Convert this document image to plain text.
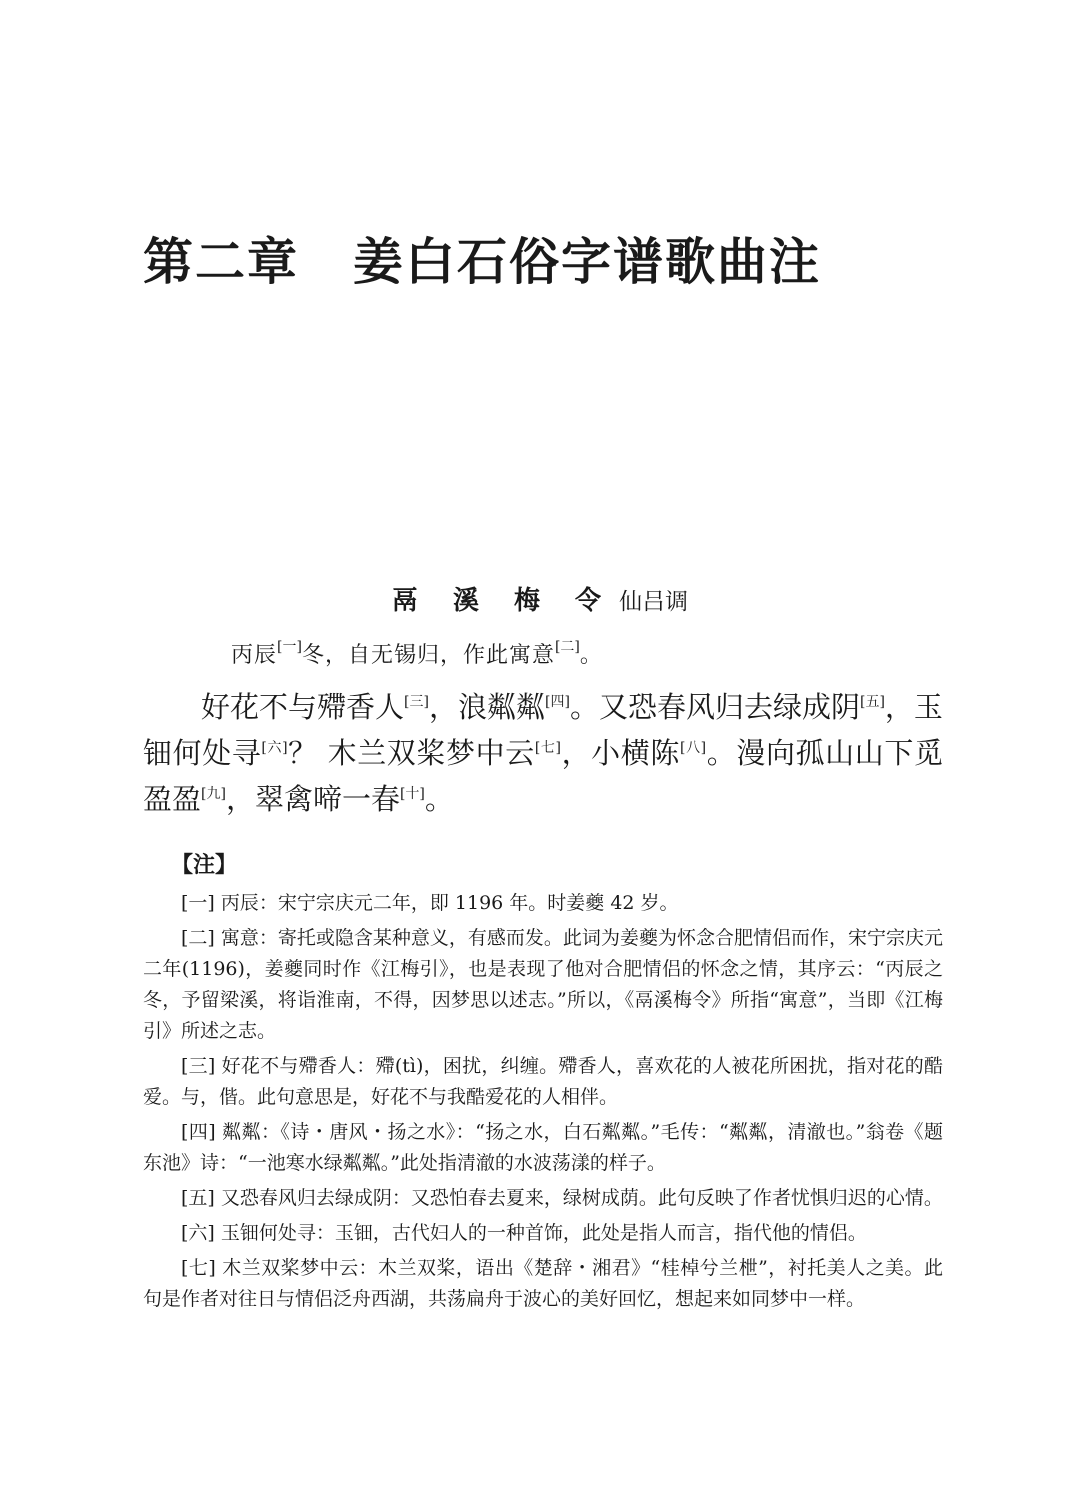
第二章 姜白石俗字谱歌曲注
鬲 溪 梅 令 仙吕调
丙辰[一]冬，自无锡归，作此寓意[二]。
好花不与殢香人[三]，浪粼粼[四]。又恐春风归去绿成阴[五]，玉钿何处寻[六]？ 木兰双桨梦中云[七]，小横陈[八]。漫向孤山山下觅盈盈[九]，翠禽啼一春[十]。
【注】

[一] 丙辰：宋宁宗庆元二年，即 1196 年。时姜夔 42 岁。

[二] 寓意：寄托或隐含某种意义，有感而发。此词为姜夔为怀念合肥情侣而作，宋宁宗庆元二年(1196)，姜夔同时作《江梅引》，也是表现了他对合肥情侣的怀念之情，其序云：“丙辰之冬，予留梁溪，将诣淮南，不得，因梦思以述志。”所以，《鬲溪梅令》所指“寓意”，当即《江梅引》所述之志。

[三] 好花不与殢香人：殢(tì)，困扰，纠缠。殢香人，喜欢花的人被花所困扰，指对花的酷爱。与，偕。此句意思是，好花不与我酷爱花的人相伴。

[四] 粼粼：《诗・唐风・扬之水》：“扬之水，白石粼粼。”毛传：“粼粼，清澈也。”翁卷《题东池》诗：“一池寒水绿粼粼。”此处指清澈的水波荡漾的样子。

[五] 又恐春风归去绿成阴：又恐怕春去夏来，绿树成荫。此句反映了作者忧惧归迟的心情。

[六] 玉钿何处寻：玉钿，古代妇人的一种首饰，此处是指人而言，指代他的情侣。

[七] 木兰双桨梦中云：木兰双桨，语出《楚辞・湘君》“桂棹兮兰枻”，衬托美人之美。此句是作者对往日与情侣泛舟西湖，共荡扁舟于波心的美好回忆，想起来如同梦中一样。
